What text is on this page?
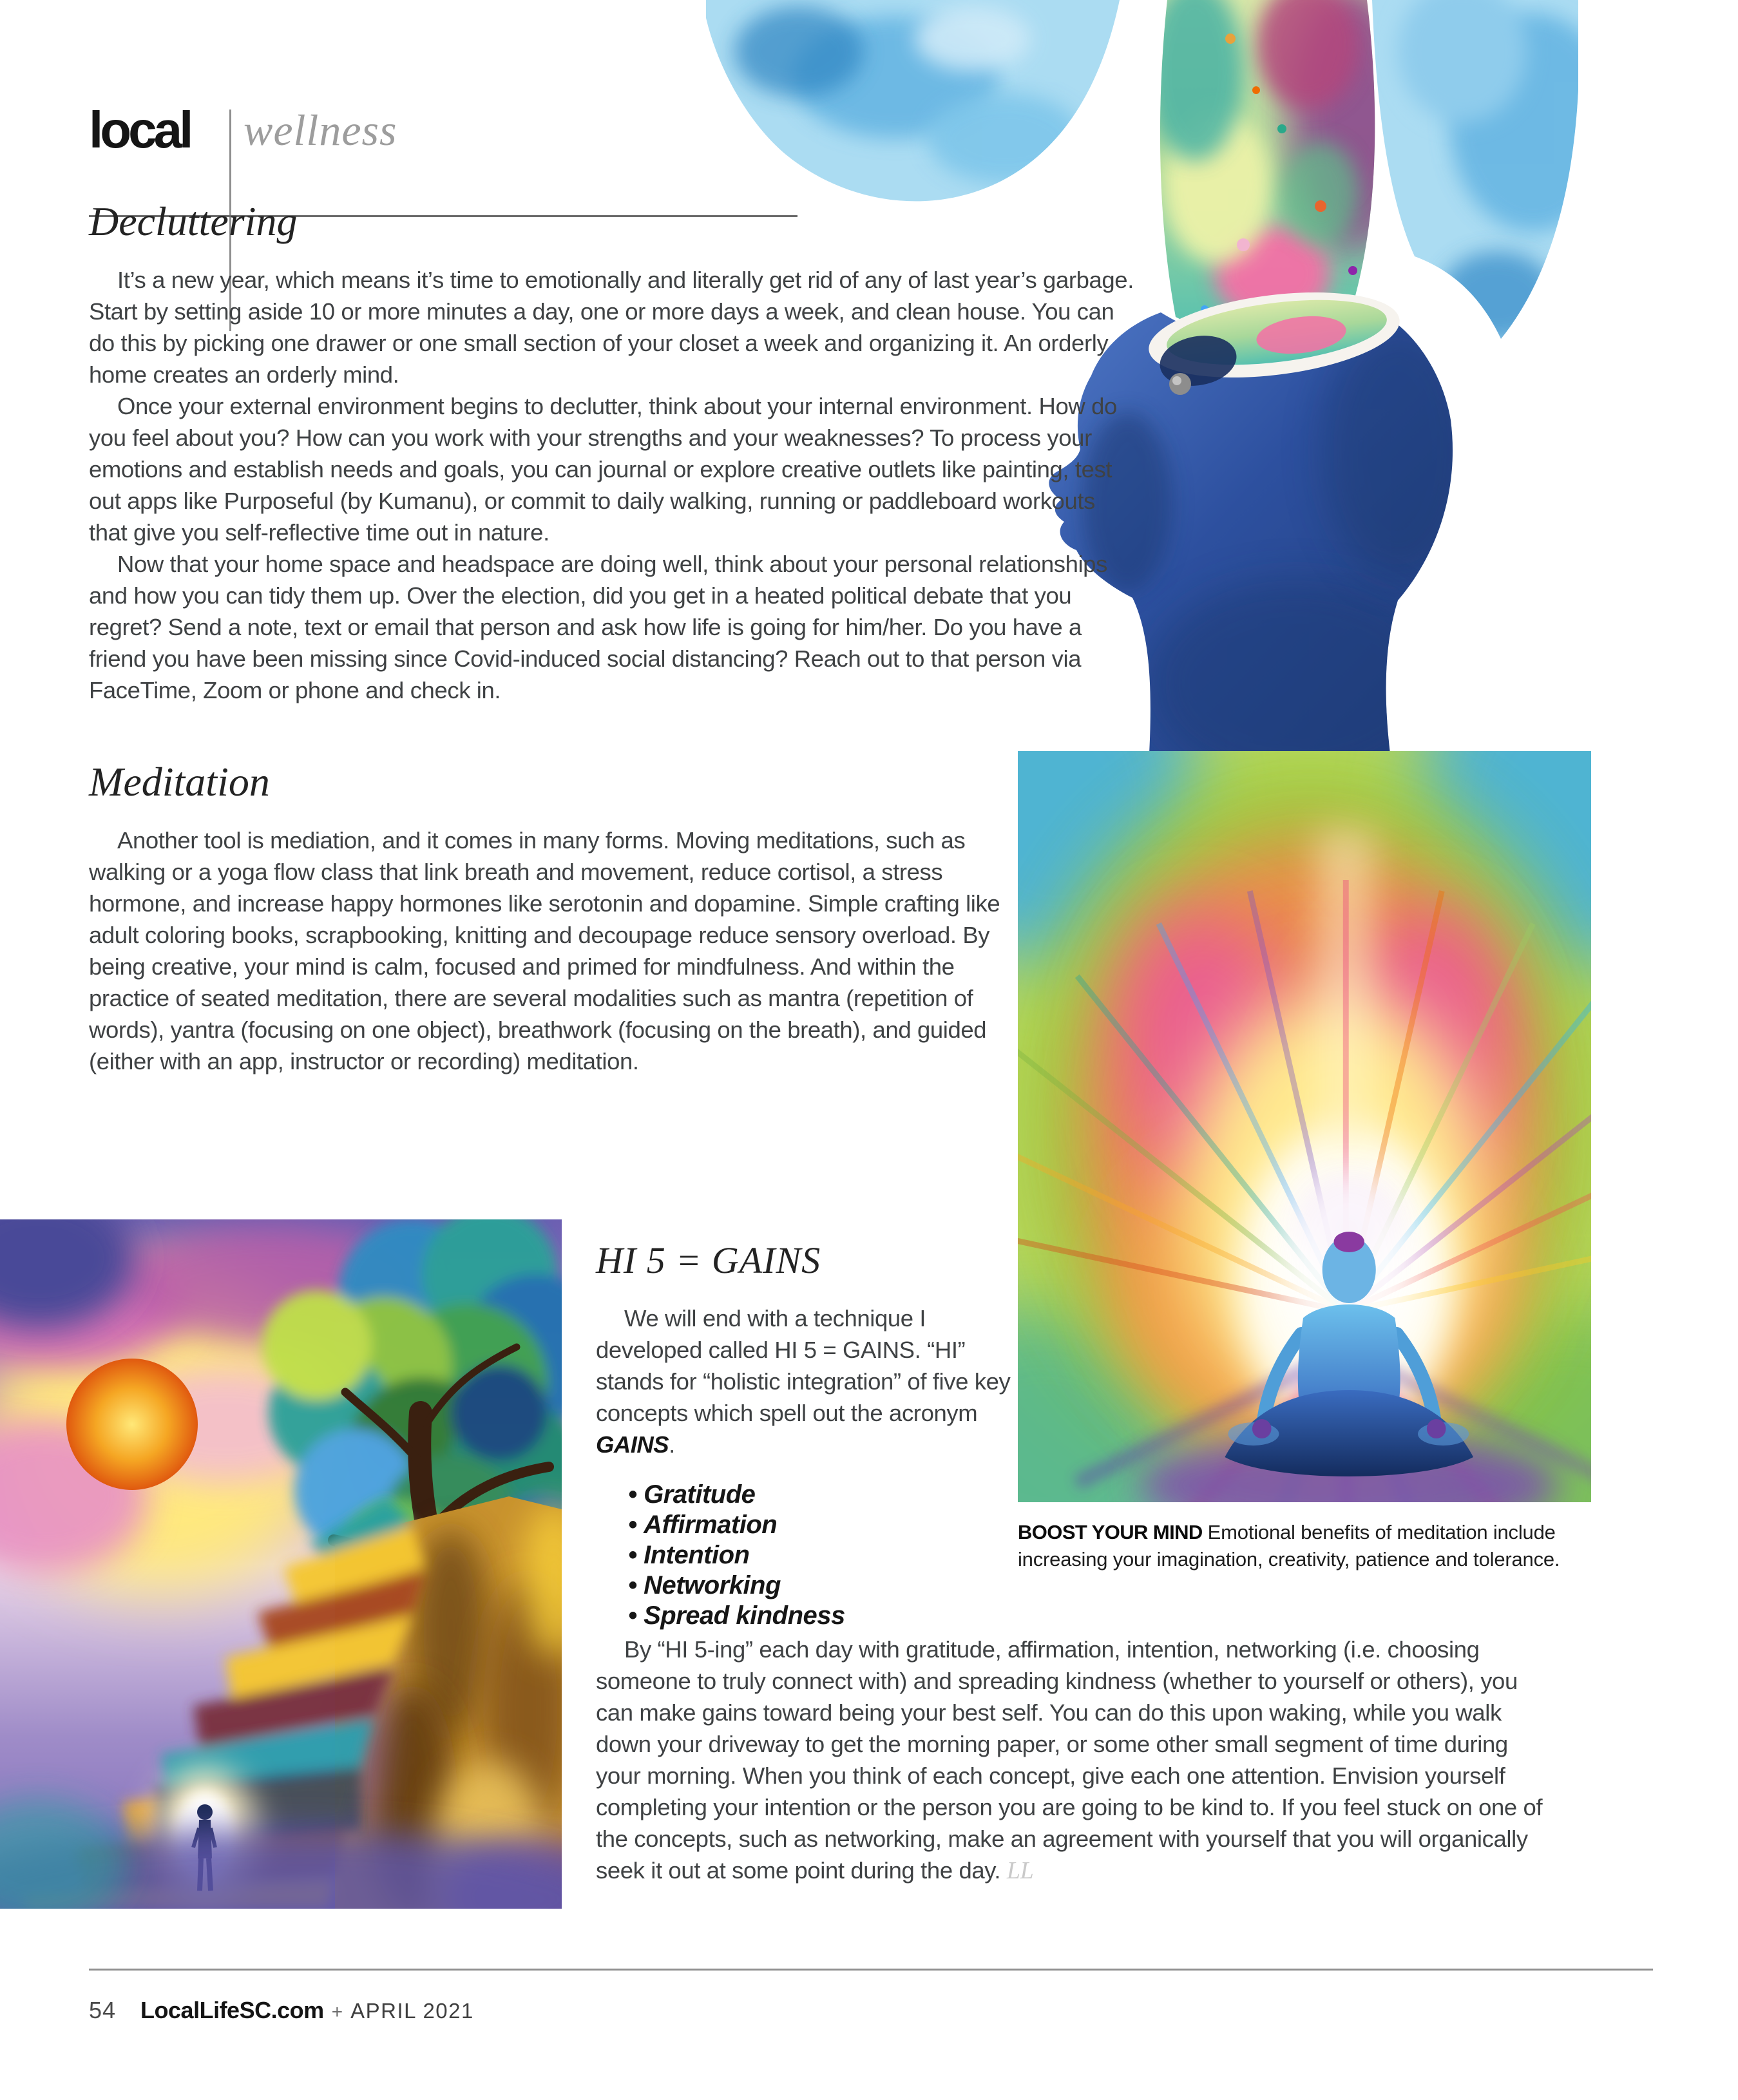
local wellness
Decluttering

It’s a new year, which means it’s time to emotionally and literally get rid of any of last year’s garbage. Start by setting aside 10 or more minutes a day, one or more days a week, and clean house. You can do this by picking one drawer or one small section of your closet a week and organizing it. An orderly home creates an orderly mind.

Once your external environment begins to declutter, think about your internal environment. How do you feel about you? How can you work with your strengths and your weaknesses? To process your emotions and establish needs and goals, you can journal or explore creative outlets like painting, test out apps like Purposeful (by Kumanu), or commit to daily walking, running or paddleboard workouts that give you self-reflective time out in nature.

Now that your home space and headspace are doing well, think about your personal relationships and how you can tidy them up. Over the election, did you get in a heated political debate that you regret? Send a note, text or email that person and ask how life is going for him/her. Do you have a friend you have been missing since Covid-induced social distancing? Reach out to that person via FaceTime, Zoom or phone and check in.

Meditation

Another tool is mediation, and it comes in many forms. Moving meditations, such as walking or a yoga flow class that link breath and movement, reduce cortisol, a stress hormone, and increase happy hormones like serotonin and dopamine. Simple crafting like adult coloring books, scrapbooking, knitting and decoupage reduce sensory overload. By being creative, your mind is calm, focused and primed for mindfulness. And within the practice of seated meditation, there are several modalities such as mantra (repetition of words), yantra (focusing on one object), breathwork (focusing on the breath), and guided (either with an app, instructor or recording) meditation.

BOOST YOUR MIND Emotional benefits of meditation include increasing your imagination, creativity, patience and tolerance.
HI 5 = GAINS

We will end with a technique I developed called HI 5 = GAINS. “HI” stands for “holistic integration” of five key concepts which spell out the acronym GAINS.

• Gratitude
• Affirmation
• Intention
• Networking
• Spread kindness

By “HI 5-ing” each day with gratitude, affirmation, intention, networking (i.e. choosing someone to truly connect with) and spreading kindness (whether to yourself or others), you can make gains toward being your best self. You can do this upon waking, while you walk down your driveway to get the morning paper, or some other small segment of time during your morning. When you think of each concept, give each one attention. Envision yourself completing your intention or the person you are going to be kind to. If you feel stuck on one of the concepts, such as networking, make an agreement with yourself that you will organically seek it out at some point during the day. LL

54 LocalLifeSC.com + APRIL 2021
